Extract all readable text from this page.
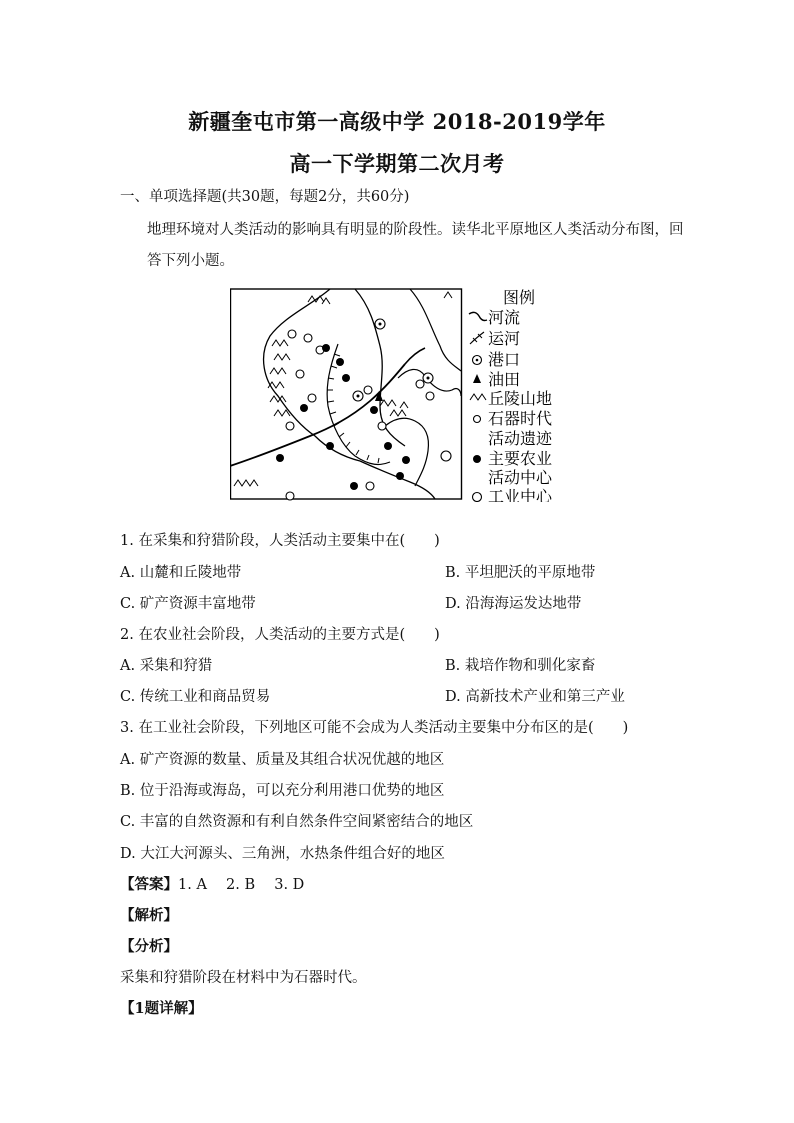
新疆奎屯市第一高级中学 2018-2019学年
高一下学期第二次月考
一、单项选择题(共30题，每题2分，共60分)
地理环境对人类活动的影响具有明显的阶段性。读华北平原地区人类活动分布图，回
答下列小题。
图例
河流
运河
港口
油田
丘陵山地
石器时代
活动遗迹
主要农业
活动中心
工业中心
1. 在采集和狩猎阶段，人类活动主要集中在(　　)
A. 山麓和丘陵地带	B. 平坦肥沃的平原地带
C. 矿产资源丰富地带	D. 沿海海运发达地带
2. 在农业社会阶段，人类活动的主要方式是(　　)
A. 采集和狩猎	B. 栽培作物和驯化家畜
C. 传统工业和商品贸易	D. 高新技术产业和第三产业
3. 在工业社会阶段，下列地区可能不会成为人类活动主要集中分布区的是(　　)
A. 矿产资源的数量、质量及其组合状况优越的地区
B. 位于沿海或海岛，可以充分利用港口优势的地区
C. 丰富的自然资源和有利自然条件空间紧密结合的地区
D. 大江大河源头、三角洲，水热条件组合好的地区
【答案】1. A　 2. B　 3. D
【解析】
【分析】
采集和狩猎阶段在材料中为石器时代。
【1题详解】
